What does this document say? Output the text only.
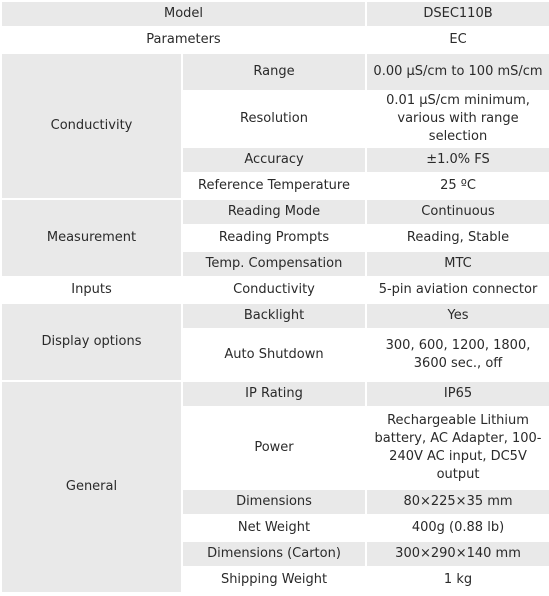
Model		DSEC110B
Parameters		EC
Conductivity	Range	0.00 µS/cm to 100 mS/cm
	Resolution	0.01 µS/cm minimum, various with range selection
	Accuracy	±1.0% FS
	Reference Temperature	25 ºC
Measurement	Reading Mode	Continuous
	Reading Prompts	Reading, Stable
	Temp. Compensation	MTC
Inputs	Conductivity	5-pin aviation connector
Display options	Backlight	Yes
	Auto Shutdown	300, 600, 1200, 1800, 3600 sec., off
General	IP Rating	IP65
	Power	Rechargeable Lithium battery, AC Adapter, 100-240V AC input, DC5V output
	Dimensions	80×225×35 mm
	Net Weight	400g (0.88 lb)
	Dimensions (Carton)	300×290×140 mm
	Shipping Weight	1 kg
